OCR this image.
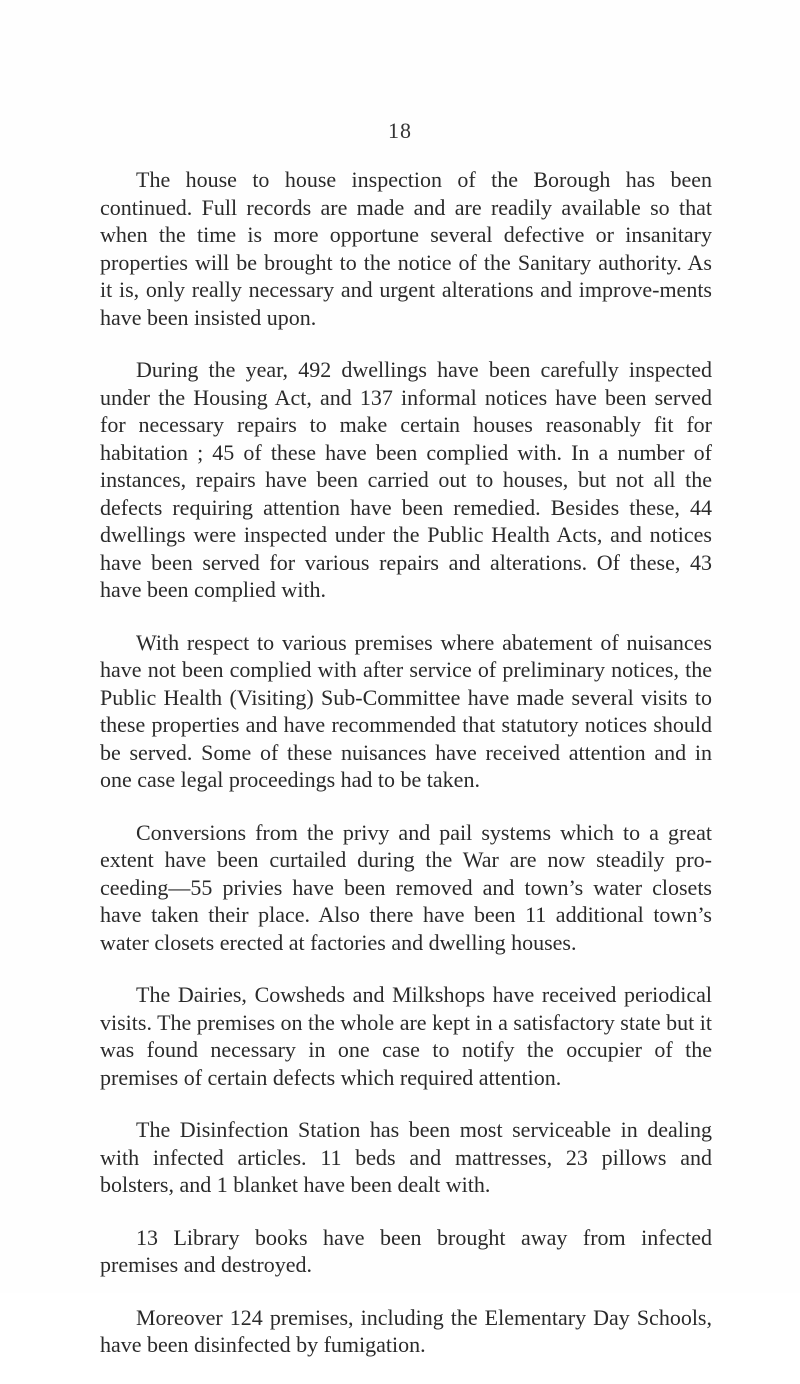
18

The house to house inspection of the Borough has been continued. Full records are made and are readily available so that when the time is more opportune several defective or insanitary properties will be brought to the notice of the Sanitary authority. As it is, only really necessary and urgent alterations and improve-ments have been insisted upon.

During the year, 492 dwellings have been carefully inspected under the Housing Act, and 137 informal notices have been served for necessary repairs to make certain houses reasonably fit for habitation ; 45 of these have been complied with. In a number of instances, repairs have been carried out to houses, but not all the defects requiring attention have been remedied. Besides these, 44 dwellings were inspected under the Public Health Acts, and notices have been served for various repairs and alterations. Of these, 43 have been complied with.

With respect to various premises where abatement of nuisances have not been complied with after service of preliminary notices, the Public Health (Visiting) Sub-Committee have made several visits to these properties and have recommended that statutory notices should be served. Some of these nuisances have received attention and in one case legal proceedings had to be taken.

Conversions from the privy and pail systems which to a great extent have been curtailed during the War are now steadily pro-ceeding—55 privies have been removed and town’s water closets have taken their place. Also there have been 11 additional town’s water closets erected at factories and dwelling houses.

The Dairies, Cowsheds and Milkshops have received periodical visits. The premises on the whole are kept in a satisfactory state but it was found necessary in one case to notify the occupier of the premises of certain defects which required attention.

The Disinfection Station has been most serviceable in dealing with infected articles. 11 beds and mattresses, 23 pillows and bolsters, and 1 blanket have been dealt with.

13 Library books have been brought away from infected premises and destroyed.

Moreover 124 premises, including the Elementary Day Schools, have been disinfected by fumigation.
